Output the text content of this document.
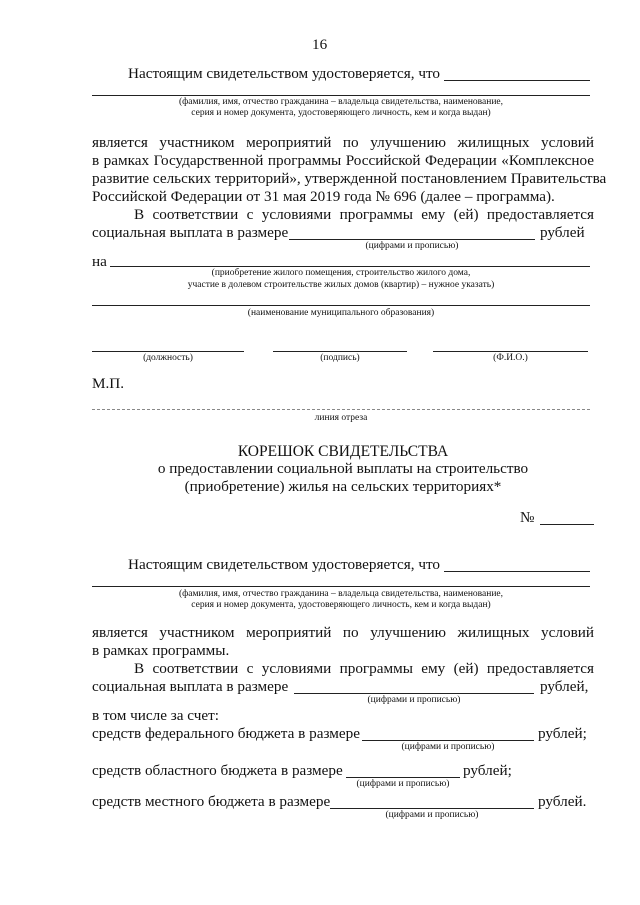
16
Настоящим свидетельством удостоверяется, что
(фамилия, имя, отчество гражданина – владельца свидетельства, наименование,
серия и номер документа, удостоверяющего личность, кем и когда выдан)
является участником мероприятий по улучшению жилищных условий
в рамках Государственной программы Российской Федерации «Комплексное
развитие сельских территорий», утвержденной постановлением Правительства
Российской Федерации от 31 мая 2019 года № 696 (далее – программа).
В соответствии с условиями программы ему (ей) предоставляется
социальная выплата в размере	рублей
(цифрами и прописью)
на
(приобретение жилого помещения, строительство жилого дома,
участие в долевом строительстве жилых домов (квартир) – нужное указать)
(наименование муниципального образования)
(должность)	(подпись)	(Ф.И.О.)
М.П.
линия отреза
КОРЕШОК СВИДЕТЕЛЬСТВА
о предоставлении социальной выплаты на строительство
(приобретение) жилья на сельских территориях*
№
Настоящим свидетельством удостоверяется, что
(фамилия, имя, отчество гражданина – владельца свидетельства, наименование,
серия и номер документа, удостоверяющего личность, кем и когда выдан)
является участником мероприятий по улучшению жилищных условий
в рамках программы.
В соответствии с условиями программы ему (ей) предоставляется
социальная выплата в размере	рублей,
(цифрами и прописью)
в том числе за счет:
средств федерального бюджета в размере	рублей;
(цифрами и прописью)
средств областного бюджета в размере	рублей;
(цифрами и прописью)
средств местного бюджета в размере	рублей.
(цифрами и прописью)
